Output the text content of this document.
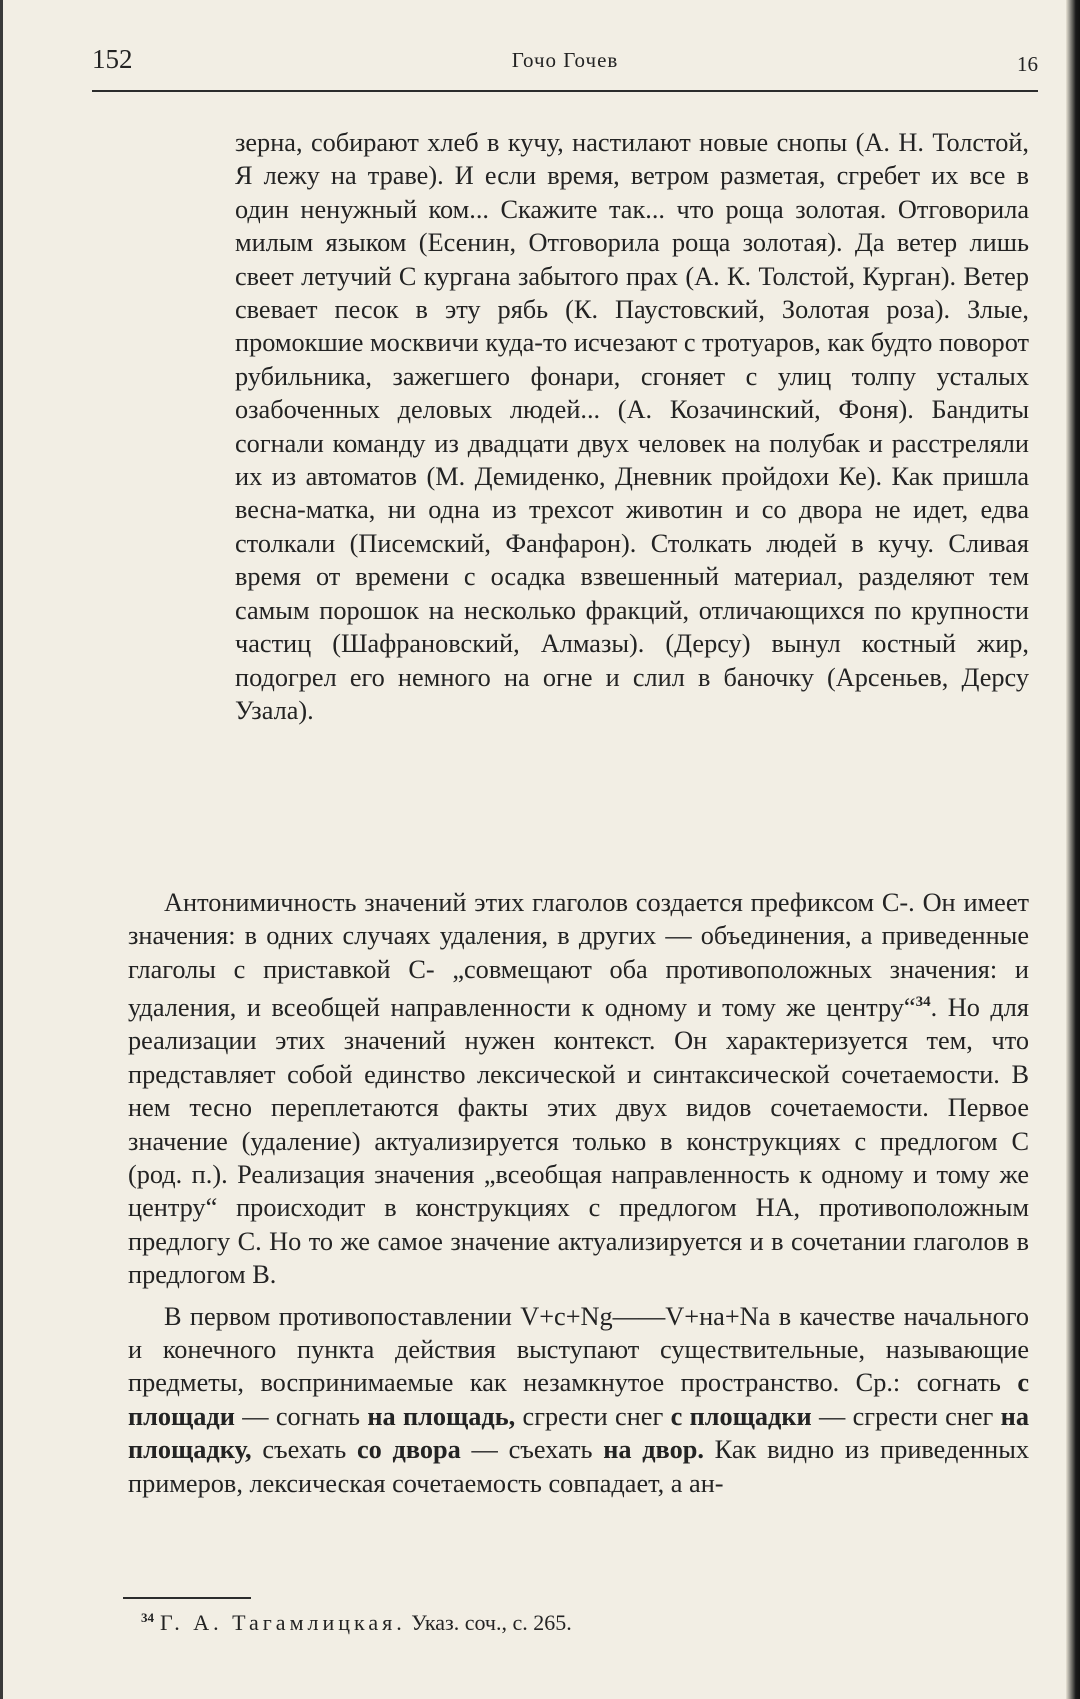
152	Гочо Гочев	16
зерна, собирают хлеб в кучу, настилают новые снопы (А. Н. Толстой, Я лежу на траве). И если время, ветром разметая, сгребет их все в один ненужный ком... Скажите так... что роща золотая. Отговорила милым языком (Есенин, Отговорила роща золотая). Да ветер лишь свеет летучий С кургана забытого прах (А. К. Толстой, Курган). Ветер свевает песок в эту рябь (К. Паустовский, Золотая роза). Злые, промокшие москвичи куда-то исчезают с тротуаров, как будто поворот рубильника, зажегшего фонари, сгоняет с улиц толпу усталых озабоченных деловых людей... (А. Козачинский, Фоня). Бандиты согнали команду из двадцати двух человек на полубак и расстреляли их из автоматов (М. Демиденко, Дневник пройдохи Ке). Как пришла весна-матка, ни одна из трехсот животин и со двора не идет, едва столкали (Писемский, Фанфарон). Столкать людей в кучу. Сливая время от времени с осадка взвешенный материал, разделяют тем самым порошок на несколько фракций, отличающихся по крупности частиц (Шафрановский, Алмазы). (Дерсу) вынул костный жир, подогрел его немного на огне и слил в баночку (Арсеньев, Дерсу Узала).

Антонимичность значений этих глаголов создается префиксом С-. Он имеет значения: в одних случаях удаления, в других — объединения, а приведенные глаголы с приставкой С- „совмещают оба противоположных значения: и удаления, и всеобщей направленности к одному и тому же центру“$^{34}$. Но для реализации этих значений нужен контекст. Он характеризуется тем, что представляет собой единство лексической и синтаксической сочетаемости. В нем тесно переплетаются факты этих двух видов сочетаемости. Первое значение (удаление) актуализируется только в конструкциях с предлогом С (род. п.). Реализация значения „всеобщая направленность к одному и тому же центру“ происходит в конструкциях с предлогом НА, противоположным предлогу С. Но то же самое значение актуализируется и в сочетании глаголов в предлогом В.

В первом противопоставлении V+c+Ng——V+на+Na в качестве начального и конечного пункта действия выступают существительные, называющие предметы, воспринимаемые как незамкнутое пространство. Ср.: согнать с площади — согнать на площадь, сгрести снег с площадки — сгрести снег на площадку, съехать со двора — съехать на двор. Как видно из приведенных примеров, лексическая сочетаемость совпадает, а ан-

$^{34}$ Г. А. Тагамлицкая. Указ. соч., с. 265.
